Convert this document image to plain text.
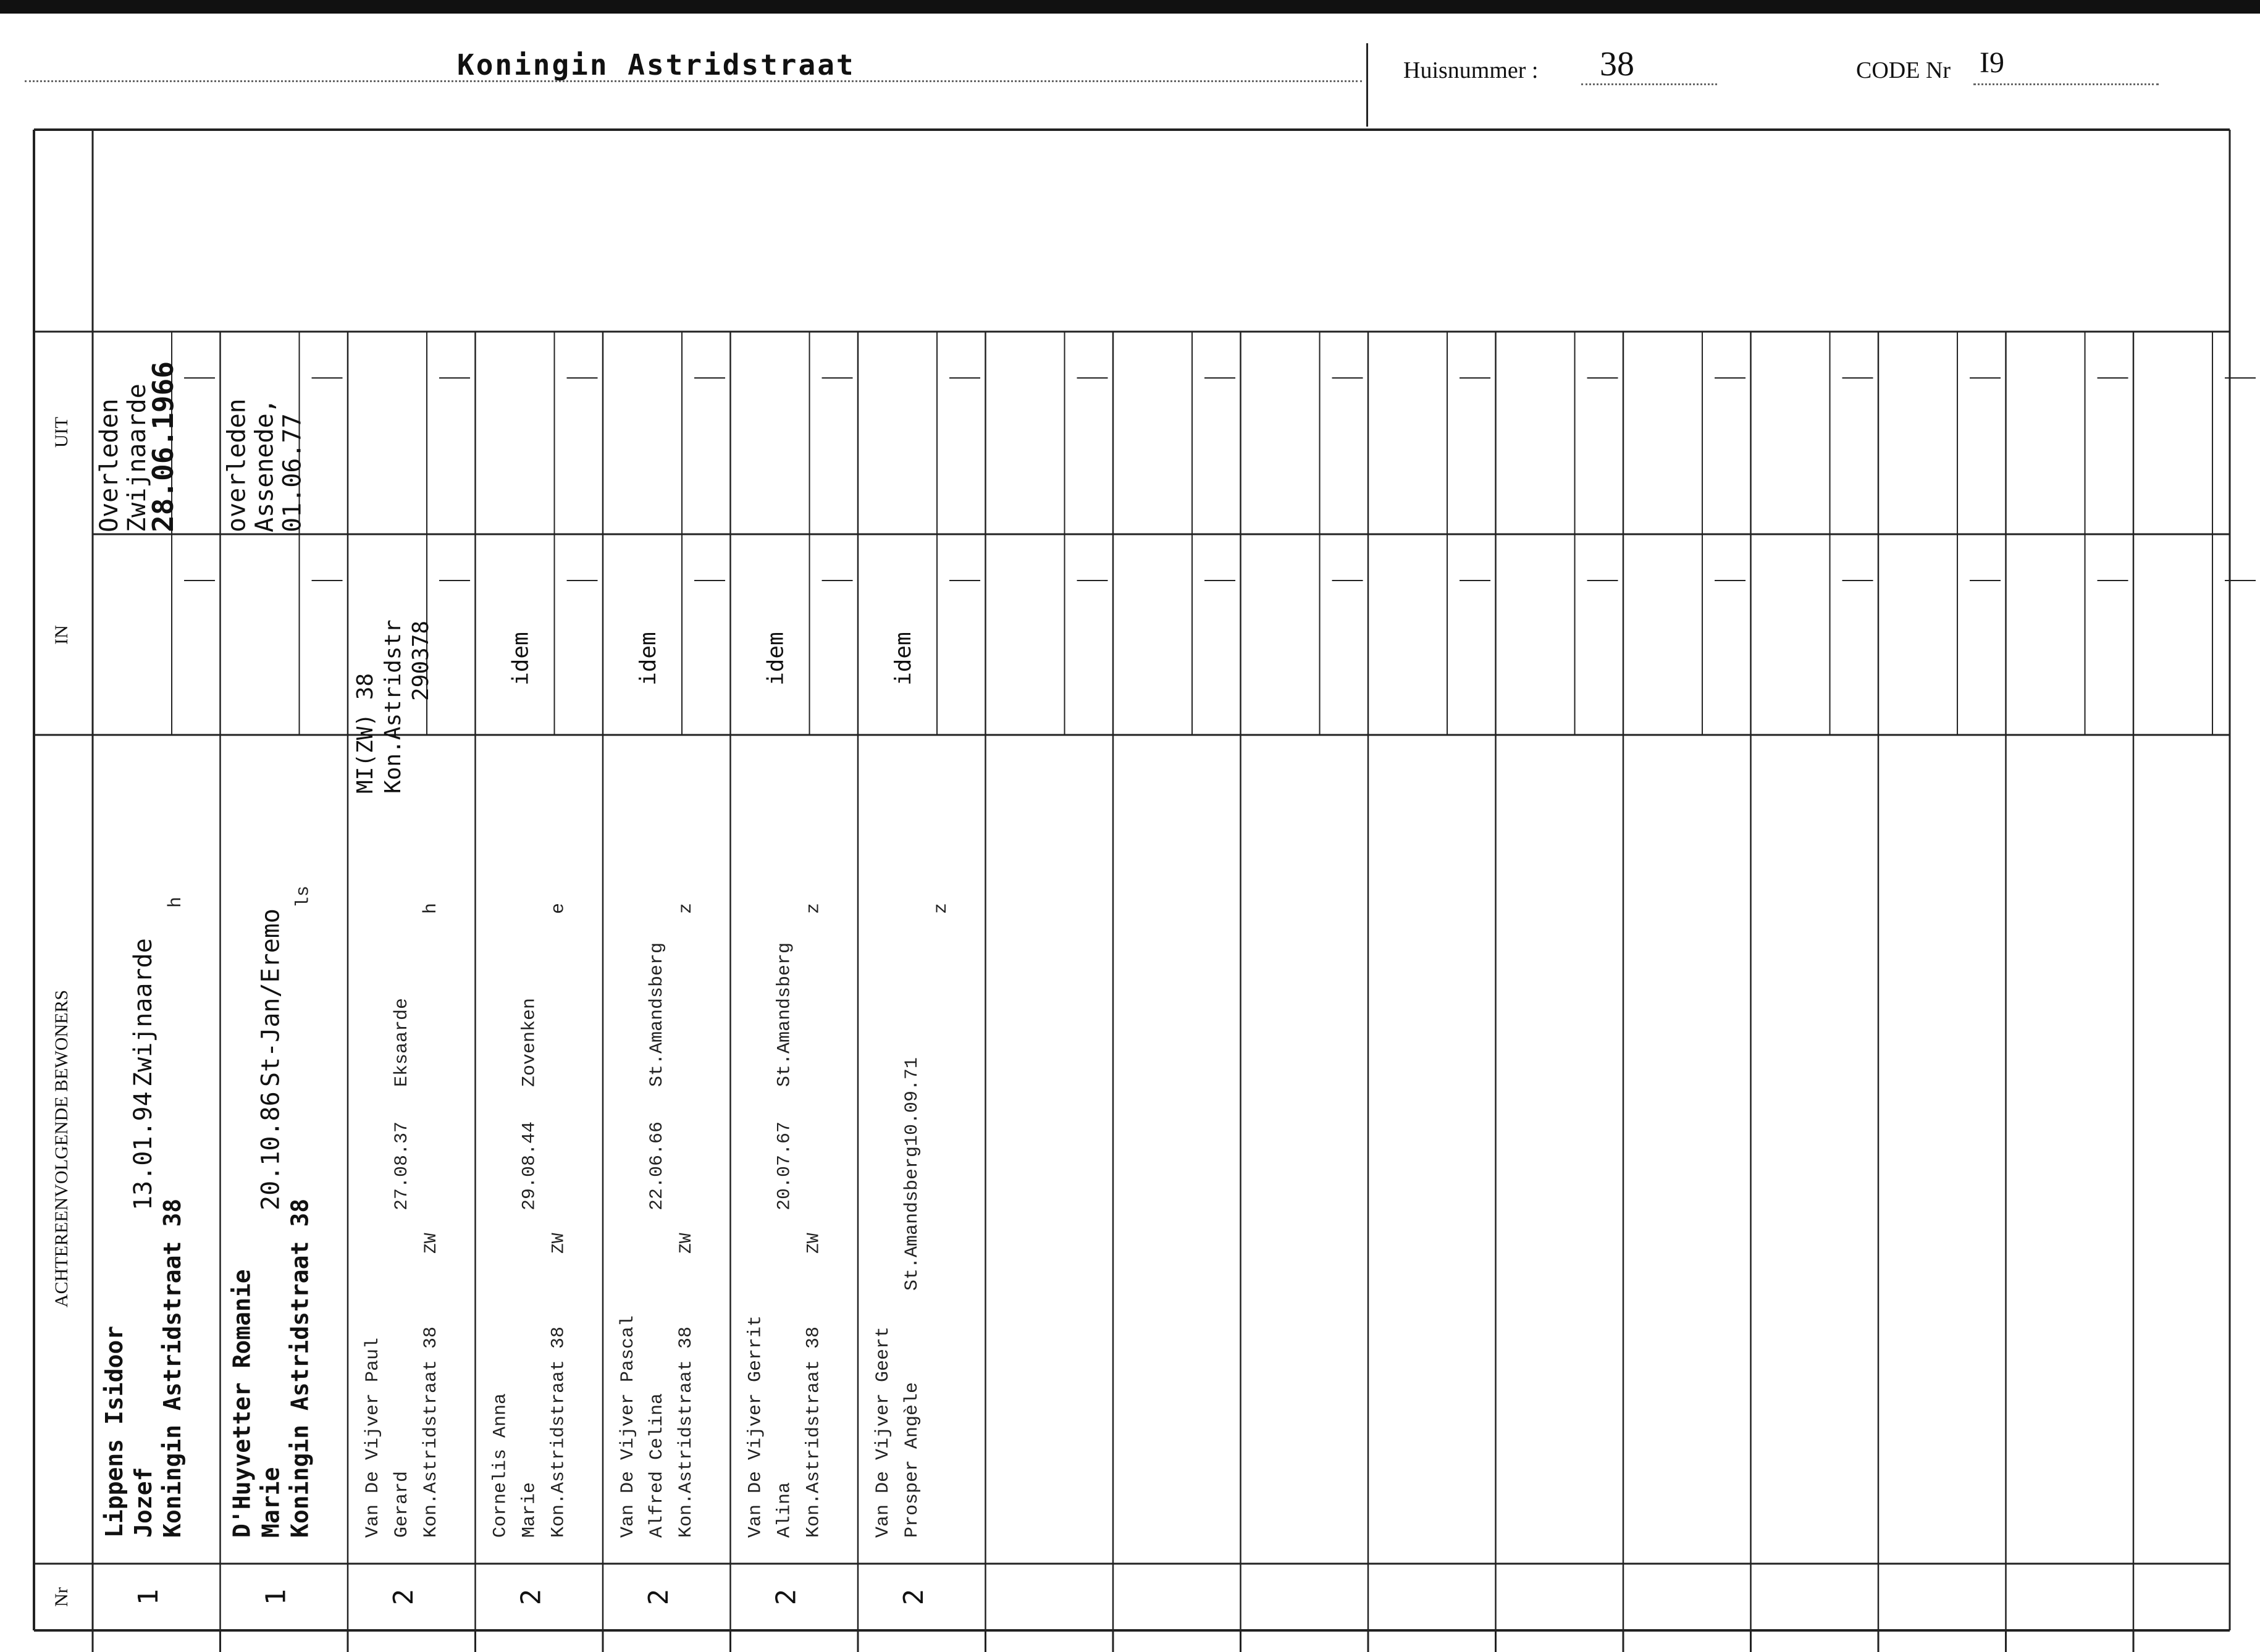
Koningin Astridstraat	Huisnummer : 38	CODE Nr I9
UIT
IN
ACHTEREENVOLGENDE BEWONERS
Nr 1
Lippens Isidoor Jozef Koningin Astridstraat 38
13.01.94
Zwijnaarde
h
Overleden Zwijnaarde
28.06.1966
1
D'Huyvetter Romanie Marie Koningin Astridstraat 38
20.10.86
St-Jan/Eremo
ls
overleden Assenede, 01.06.77
2
Van De Vijver Paul Gerard Kon.Astridstraat 38
27.08.37
Eksaarde
ZW
h
MI(ZW) 38 Kon.Astridstr 290378
2
Cornelis Anna Marie Kon.Astridstraat 38
29.08.44
Zovenken
ZW
e
idem
2
Van De Vijver Pascal Alfred Celina Kon.Astridstraat 38
22.06.66
St.Amandsberg
ZW
z
idem
2
Van De Vijver Gerrit Alina Kon.Astridstraat 38
20.07.67
St.Amandsberg
ZW
z
idem
2
Van De Vijver Geert Prosper Angèle
St.Amandsberg10.09.71
z
idem
